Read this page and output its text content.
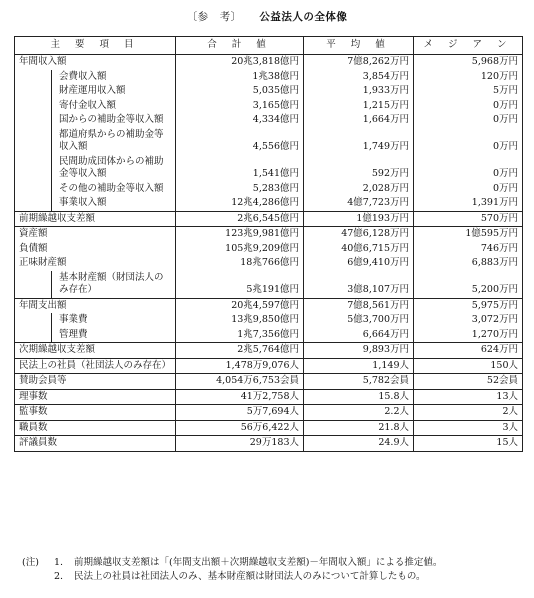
〔参　考〕 公益法人の全体像
主 要 項 目	合 計 値	平 均 値	メ ジ ア ン
年間収入額	20兆3,818億円	7億8,262万円	5,968万円
会費収入額	1兆38億円	3,854万円	120万円
財産運用収入額	5,035億円	1,933万円	5万円
寄付金収入額	3,165億円	1,215万円	0万円
国からの補助金等収入額	4,334億円	1,664万円	0万円
都道府県からの補助金等収入額	4,556億円	1,749万円	0万円
民間助成団体からの補助金等収入額	1,541億円	592万円	0万円
その他の補助金等収入額	5,283億円	2,028万円	0万円
事業収入額	12兆4,286億円	4億7,723万円	1,391万円
前期繰越収支差額	2兆6,545億円	1億193万円	570万円
資産額	123兆9,981億円	47億6,128万円	1億595万円
負債額	105兆9,209億円	40億6,715万円	746万円
正味財産額	18兆766億円	6億9,410万円	6,883万円
基本財産額（財団法人のみ存在）	5兆191億円	3億8,107万円	5,200万円
年間支出額	20兆4,597億円	7億8,561万円	5,975万円
事業費	13兆9,850億円	5億3,700万円	3,072万円
管理費	1兆7,356億円	6,664万円	1,270万円
次期繰越収支差額	2兆5,764億円	9,893万円	624万円
民法上の社員（社団法人のみ存在）	1,478万9,076人	1,149人	150人
賛助会員等	4,054万6,753会員	5,782会員	52会員
理事数	41万2,758人	15.8人	13人
監事数	5万7,694人	2.2人	2人
職員数	56万6,422人	21.8人	3人
評議員数	29万183人	24.9人	15人
(注)	1.	前期繰越収支差額は「(年間支出額＋次期繰越収支差額)－年間収入額」による推定値。
2.	民法上の社員は社団法人のみ、基本財産額は財団法人のみについて計算したもの。
